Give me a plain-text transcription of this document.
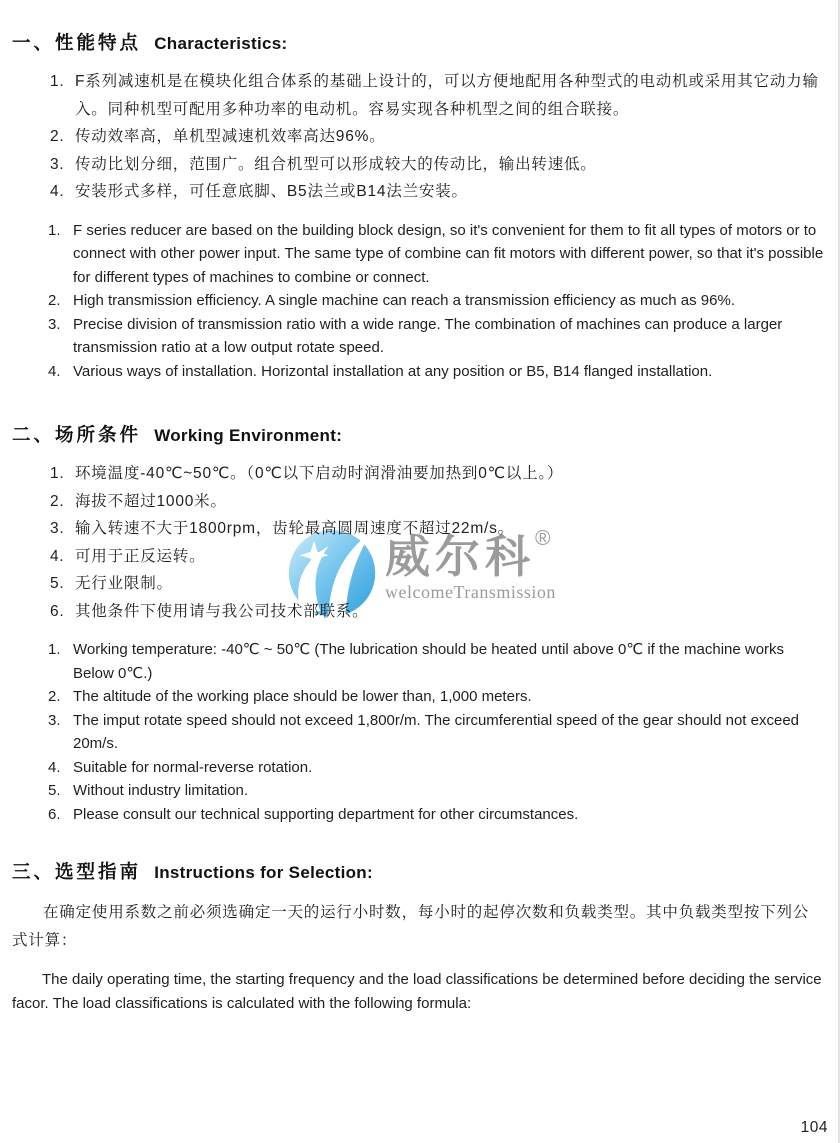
威尔科 ®
welcomeTransmission
一、性能特点 Characteristics:
1. F系列减速机是在模块化组合体系的基础上设计的，可以方便地配用各种型式的电动机或采用其它动力输入。同种机型可配用多种功率的电动机。容易实现各种机型之间的组合联接。
2. 传动效率高，单机型减速机效率高达96%。
3. 传动比划分细，范围广。组合机型可以形成较大的传动比，输出转速低。
4. 安装形式多样，可任意底脚、B5法兰或B14法兰安装。
1. F series reducer are based on the building block design, so it's convenient for them to fit all types of motors or to connect with other power input. The same type of combine can fit motors with different power, so that it's possible for different types of machines to combine or connect.
2. High transmission efficiency. A single machine can reach a transmission efficiency as much as 96%.
3. Precise division of transmission ratio with a wide range. The combination of machines can produce a larger transmission ratio at a low output rotate speed.
4. Various ways of installation. Horizontal installation at any position or B5, B14 flanged installation.
二、场所条件 Working Environment:
1. 环境温度-40℃~50℃。（0℃以下启动时润滑油要加热到0℃以上。）
2. 海拔不超过1000米。
3. 输入转速不大于1800rpm，齿轮最高圆周速度不超过22m/s。
4. 可用于正反运转。
5. 无行业限制。
6. 其他条件下使用请与我公司技术部联系。
1. Working temperature: -40℃ ~ 50℃ (The lubrication should be heated until above 0℃ if the machine works Below 0℃.)
2. The altitude of the working place should be lower than, 1,000 meters.
3. The imput rotate speed should not exceed 1,800r/m. The circumferential speed of the gear should not exceed 20m/s.
4. Suitable for normal-reverse rotation.
5. Without industry limitation.
6. Please consult our technical supporting department for other circumstances.
三、选型指南 Instructions for Selection:

在确定使用系数之前必须选确定一天的运行小时数，每小时的起停次数和负载类型。其中负载类型按下列公式计算：

The daily operating time, the starting frequency and the load classifications be determined before deciding the service facor. The load classifications is calculated with the following formula:

104
